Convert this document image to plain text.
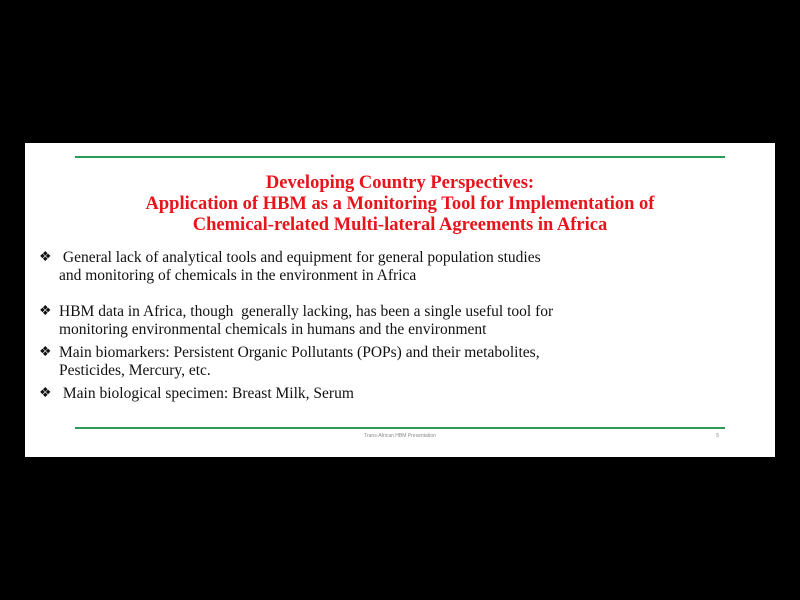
Developing Country Perspectives:
Application of HBM as a Monitoring Tool for Implementation of
Chemical-related Multi-lateral Agreements in Africa
❖ General lack of analytical tools and equipment for general population studies
and monitoring of chemicals in the environment in Africa
❖ HBM data in Africa, though  generally lacking, has been a single useful tool for
monitoring environmental chemicals in humans and the environment
❖ Main biomarkers: Persistent Organic Pollutants (POPs) and their metabolites,
Pesticides, Mercury, etc.
❖ Main biological specimen: Breast Milk, Serum
Trans-African HBM Presentation	5
